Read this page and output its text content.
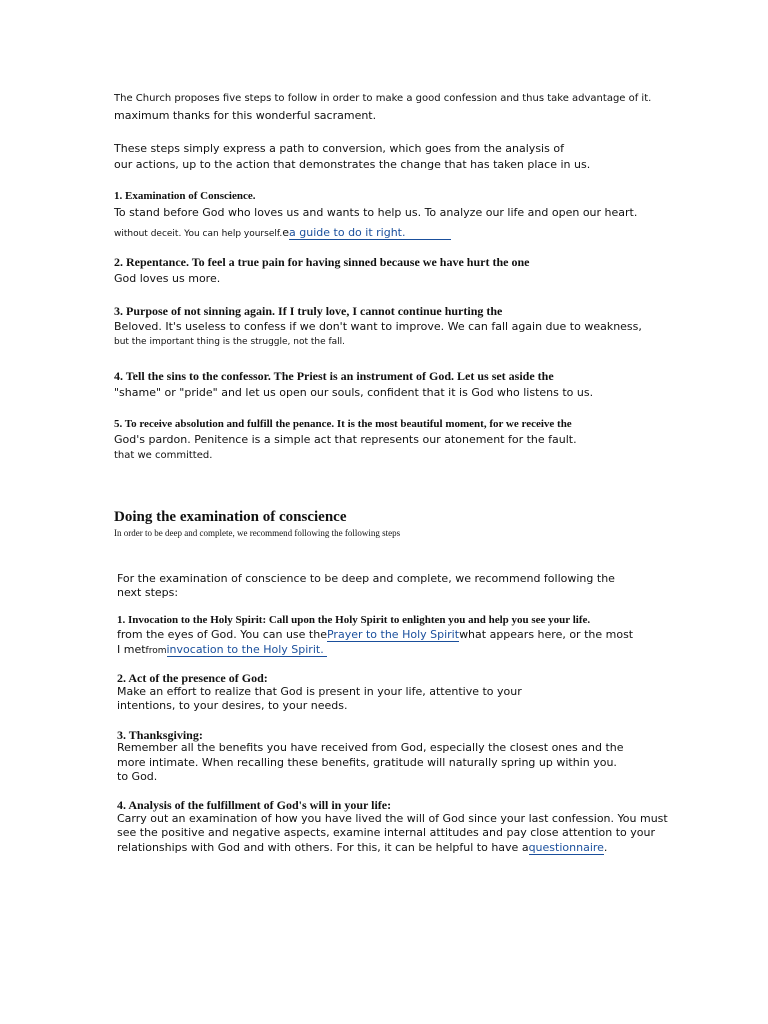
The Church proposes five steps to follow in order to make a good confession and thus take advantage of it.

maximum thanks for this wonderful sacrament.

These steps simply express a path to conversion, which goes from the analysis of

our actions, up to the action that demonstrates the change that has taken place in us.

1. Examination of Conscience.

To stand before God who loves us and wants to help us. To analyze our life and open our heart.

without deceit. You can help yourself.ea guide to do it right.

2. Repentance. To feel a true pain for having sinned because we have hurt the one

God loves us more.

3. Purpose of not sinning again. If I truly love, I cannot continue hurting the

Beloved. It's useless to confess if we don't want to improve. We can fall again due to weakness,

but the important thing is the struggle, not the fall.

4. Tell the sins to the confessor. The Priest is an instrument of God. Let us set aside the

"shame" or "pride" and let us open our souls, confident that it is God who listens to us.

5. To receive absolution and fulfill the penance. It is the most beautiful moment, for we receive the

God's pardon. Penitence is a simple act that represents our atonement for the fault.

that we committed.

Doing the examination of conscience

In order to be deep and complete, we recommend following the following steps

For the examination of conscience to be deep and complete, we recommend following the

next steps:

1. Invocation to the Holy Spirit: Call upon the Holy Spirit to enlighten you and help you see your life.

from the eyes of God. You can use thePrayer to the Holy Spiritwhat appears here, or the most

I metfrominvocation to the Holy Spirit.

2. Act of the presence of God:

Make an effort to realize that God is present in your life, attentive to your

intentions, to your desires, to your needs.

3. Thanksgiving:

Remember all the benefits you have received from God, especially the closest ones and the

more intimate. When recalling these benefits, gratitude will naturally spring up within you.

to God.

4. Analysis of the fulfillment of God's will in your life:

Carry out an examination of how you have lived the will of God since your last confession. You must

see the positive and negative aspects, examine internal attitudes and pay close attention to your

relationships with God and with others. For this, it can be helpful to have aquestionnaire.
